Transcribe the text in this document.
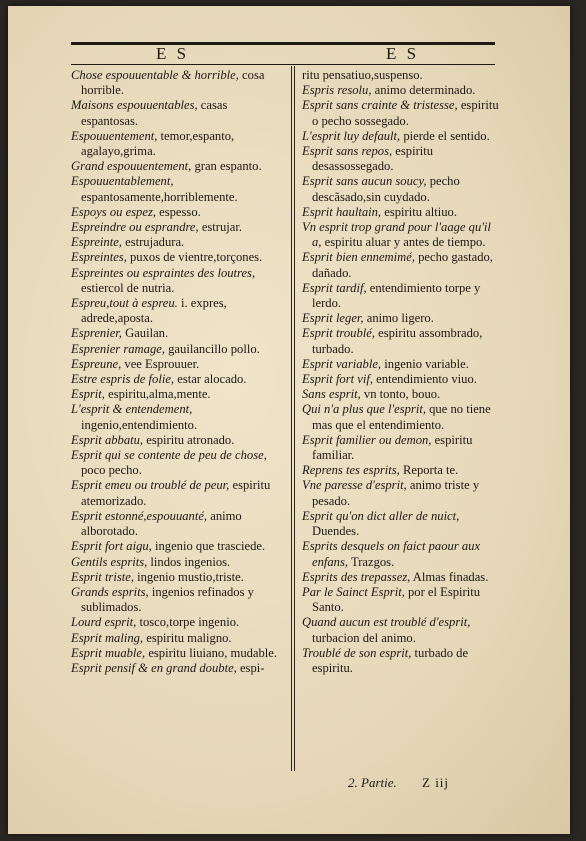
E S	E S

Chose espouuentable & horrible, cosa horrible.

Maisons espouuentables, casas espantosas.

Espouuentement, temor,espanto, agalayo,grima.

Grand espouuentement, gran espanto.

Espouuentablement, espantosamente,horriblemente.

Espoys ou espez, espesso.

Espreindre ou esprandre, estrujar.

Espreinte, estrujadura.

Espreintes, puxos de vientre,torçones.

Espreintes ou espraintes des loutres, estiercol de nutria.

Espreu,tout à espreu. i. expres, adrede,aposta.

Esprenier, Gauilan.

Esprenier ramage, gauilancillo pollo.

Espreune, vee Esprouuer.

Estre espris de folie, estar alocado.

Esprit, espiritu,alma,mente.

L'esprit & entendement, ingenio,entendimiento.

Esprit abbatu, espiritu atronado.

Esprit qui se contente de peu de chose, poco pecho.

Esprit emeu ou troublé de peur, espiritu atemorizado.

Esprit estonné,espouuanté, animo alborotado.

Esprit fort aigu, ingenio que trasciede.

Gentils esprits, lindos ingenios.

Esprit triste, ingenio mustio,triste.

Grands esprits, ingenios refinados y sublimados.

Lourd esprit, tosco,torpe ingenio.

Esprit maling, espiritu maligno.

Esprit muable, espiritu liuiano, mudable.

Esprit pensif & en grand doubte, espi-

ritu pensatiuo,suspenso.

Espris resolu, animo determinado.

Esprit sans crainte & tristesse, espiritu o pecho sossegado.

L'esprit luy default, pierde el sentido.

Esprit sans repos, espiritu desassossegado.

Esprit sans aucun soucy, pecho descãsado,sin cuydado.

Esprit haultain, espiritu altiuo.

Vn esprit trop grand pour l'aage qu'il a, espiritu aluar y antes de tiempo.

Esprit bien ennemimé, pecho gastado, dañado.

Esprit tardif, entendimiento torpe y lerdo.

Esprit leger, animo ligero.

Esprit troublé, espiritu assombrado, turbado.

Esprit variable, ingenio variable.

Esprit fort vif, entendimiento viuo.

Sans esprit, vn tonto, bouo.

Qui n'a plus que l'esprit, que no tiene mas que el entendimiento.

Esprit familier ou demon, espiritu familiar.

Reprens tes esprits, Reporta te.

Vne paresse d'esprit, animo triste y pesado.

Esprit qu'on dict aller de nuict, Duendes.

Esprits desquels on faict paour aux enfans, Trazgos.

Esprits des trepassez, Almas finadas.

Par le Sainct Esprit, por el Espiritu Santo.

Quand aucun est troublé d'esprit, turbacion del animo.

Troublé de son esprit, turbado de espiritu.

2. Partie. Z iij
